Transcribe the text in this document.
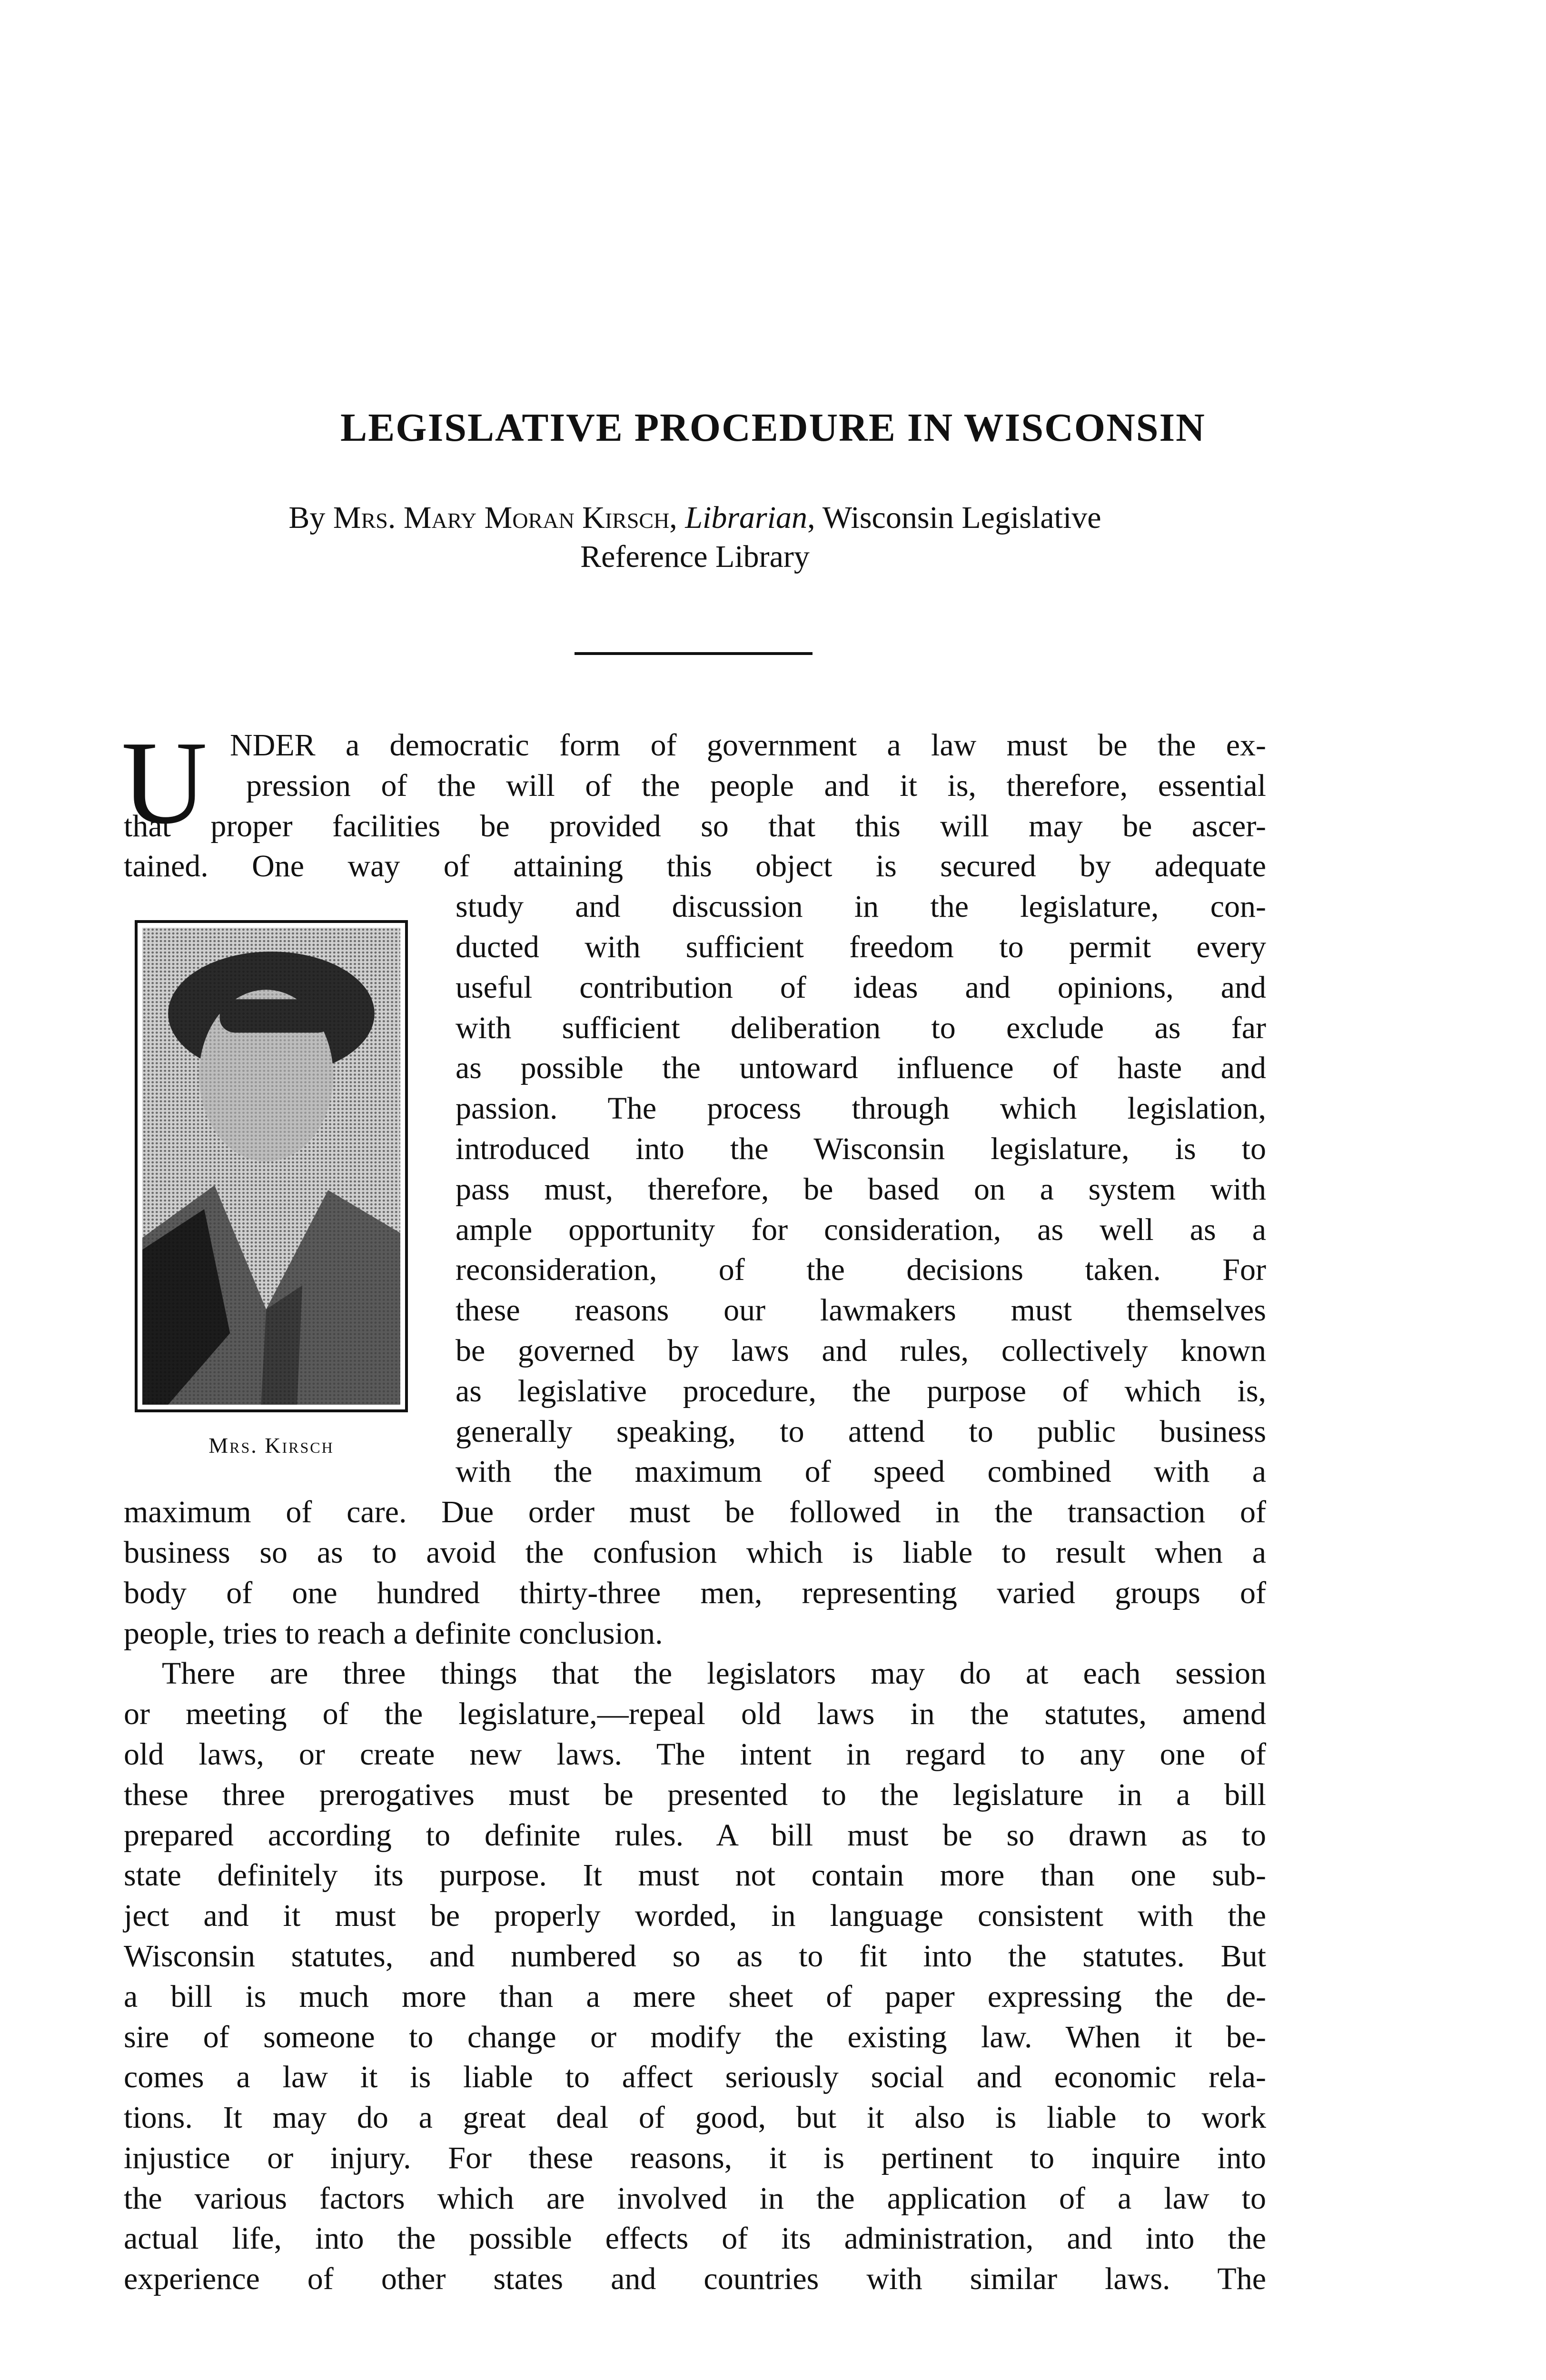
LEGISLATIVE PROCEDURE IN WISCONSIN
By Mrs. Mary Moran Kirsch, Librarian, Wisconsin Legislative
Reference Library
U
Mrs. Kirsch
NDER a democratic form of government a law must be the ex-
pression of the will of the people and it is, therefore, essential
that proper facilities be provided so that this will may be ascer-
tained. One way of attaining this object is secured by adequate
study and discussion in the legislature, con-
ducted with sufficient freedom to permit every
useful contribution of ideas and opinions, and
with sufficient deliberation to exclude as far
as possible the untoward influence of haste and
passion. The process through which legislation,
introduced into the Wisconsin legislature, is to
pass must, therefore, be based on a system with
ample opportunity for consideration, as well as a
reconsideration, of the decisions taken. For
these reasons our lawmakers must themselves
be governed by laws and rules, collectively known
as legislative procedure, the purpose of which is,
generally speaking, to attend to public business
with the maximum of speed combined with a
maximum of care. Due order must be followed in the transaction of
business so as to avoid the confusion which is liable to result when a
body of one hundred thirty-three men, representing varied groups of
people, tries to reach a definite conclusion.
There are three things that the legislators may do at each session
or meeting of the legislature,—repeal old laws in the statutes, amend
old laws, or create new laws. The intent in regard to any one of
these three prerogatives must be presented to the legislature in a bill
prepared according to definite rules. A bill must be so drawn as to
state definitely its purpose. It must not contain more than one sub-
ject and it must be properly worded, in language consistent with the
Wisconsin statutes, and numbered so as to fit into the statutes. But
a bill is much more than a mere sheet of paper expressing the de-
sire of someone to change or modify the existing law. When it be-
comes a law it is liable to affect seriously social and economic rela-
tions. It may do a great deal of good, but it also is liable to work
injustice or injury. For these reasons, it is pertinent to inquire into
the various factors which are involved in the application of a law to
actual life, into the possible effects of its administration, and into the
experience of other states and countries with similar laws. The
